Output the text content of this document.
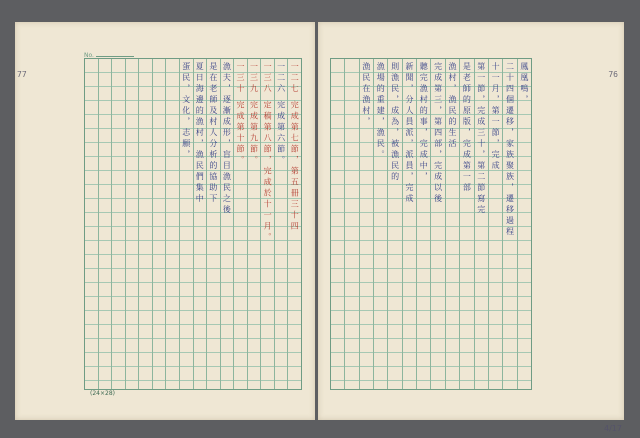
77	76
No.
一二七 完成第七節，第五冊三十四
一二六 完成第六節。
一三八 定稿第八節，完成於十一月。
一三九 完成第九節。
一三十 完成第十節。
漁夫，逐漸成形，盲目漁民之後
是在老師及村人分析的協助下
夏日海邊的漁村，漁民們集中
蛋民，文化，志願，	鳳凰鳴，
二十四個遷移，家族聚族，遷移過程
十一月，第一節，完成
第一節，完成三十，第二節寫完
是老師的原版，完成第一部
漁村，漁民的生活
完成第三，第四部，完成以後
聽完漁村的事，完成中，
新聞，分人員派，派員，完成
則漁民，成為，被漁民的
漁場的重建，漁民。
漁民在漁村，
(24×28)
4/17
